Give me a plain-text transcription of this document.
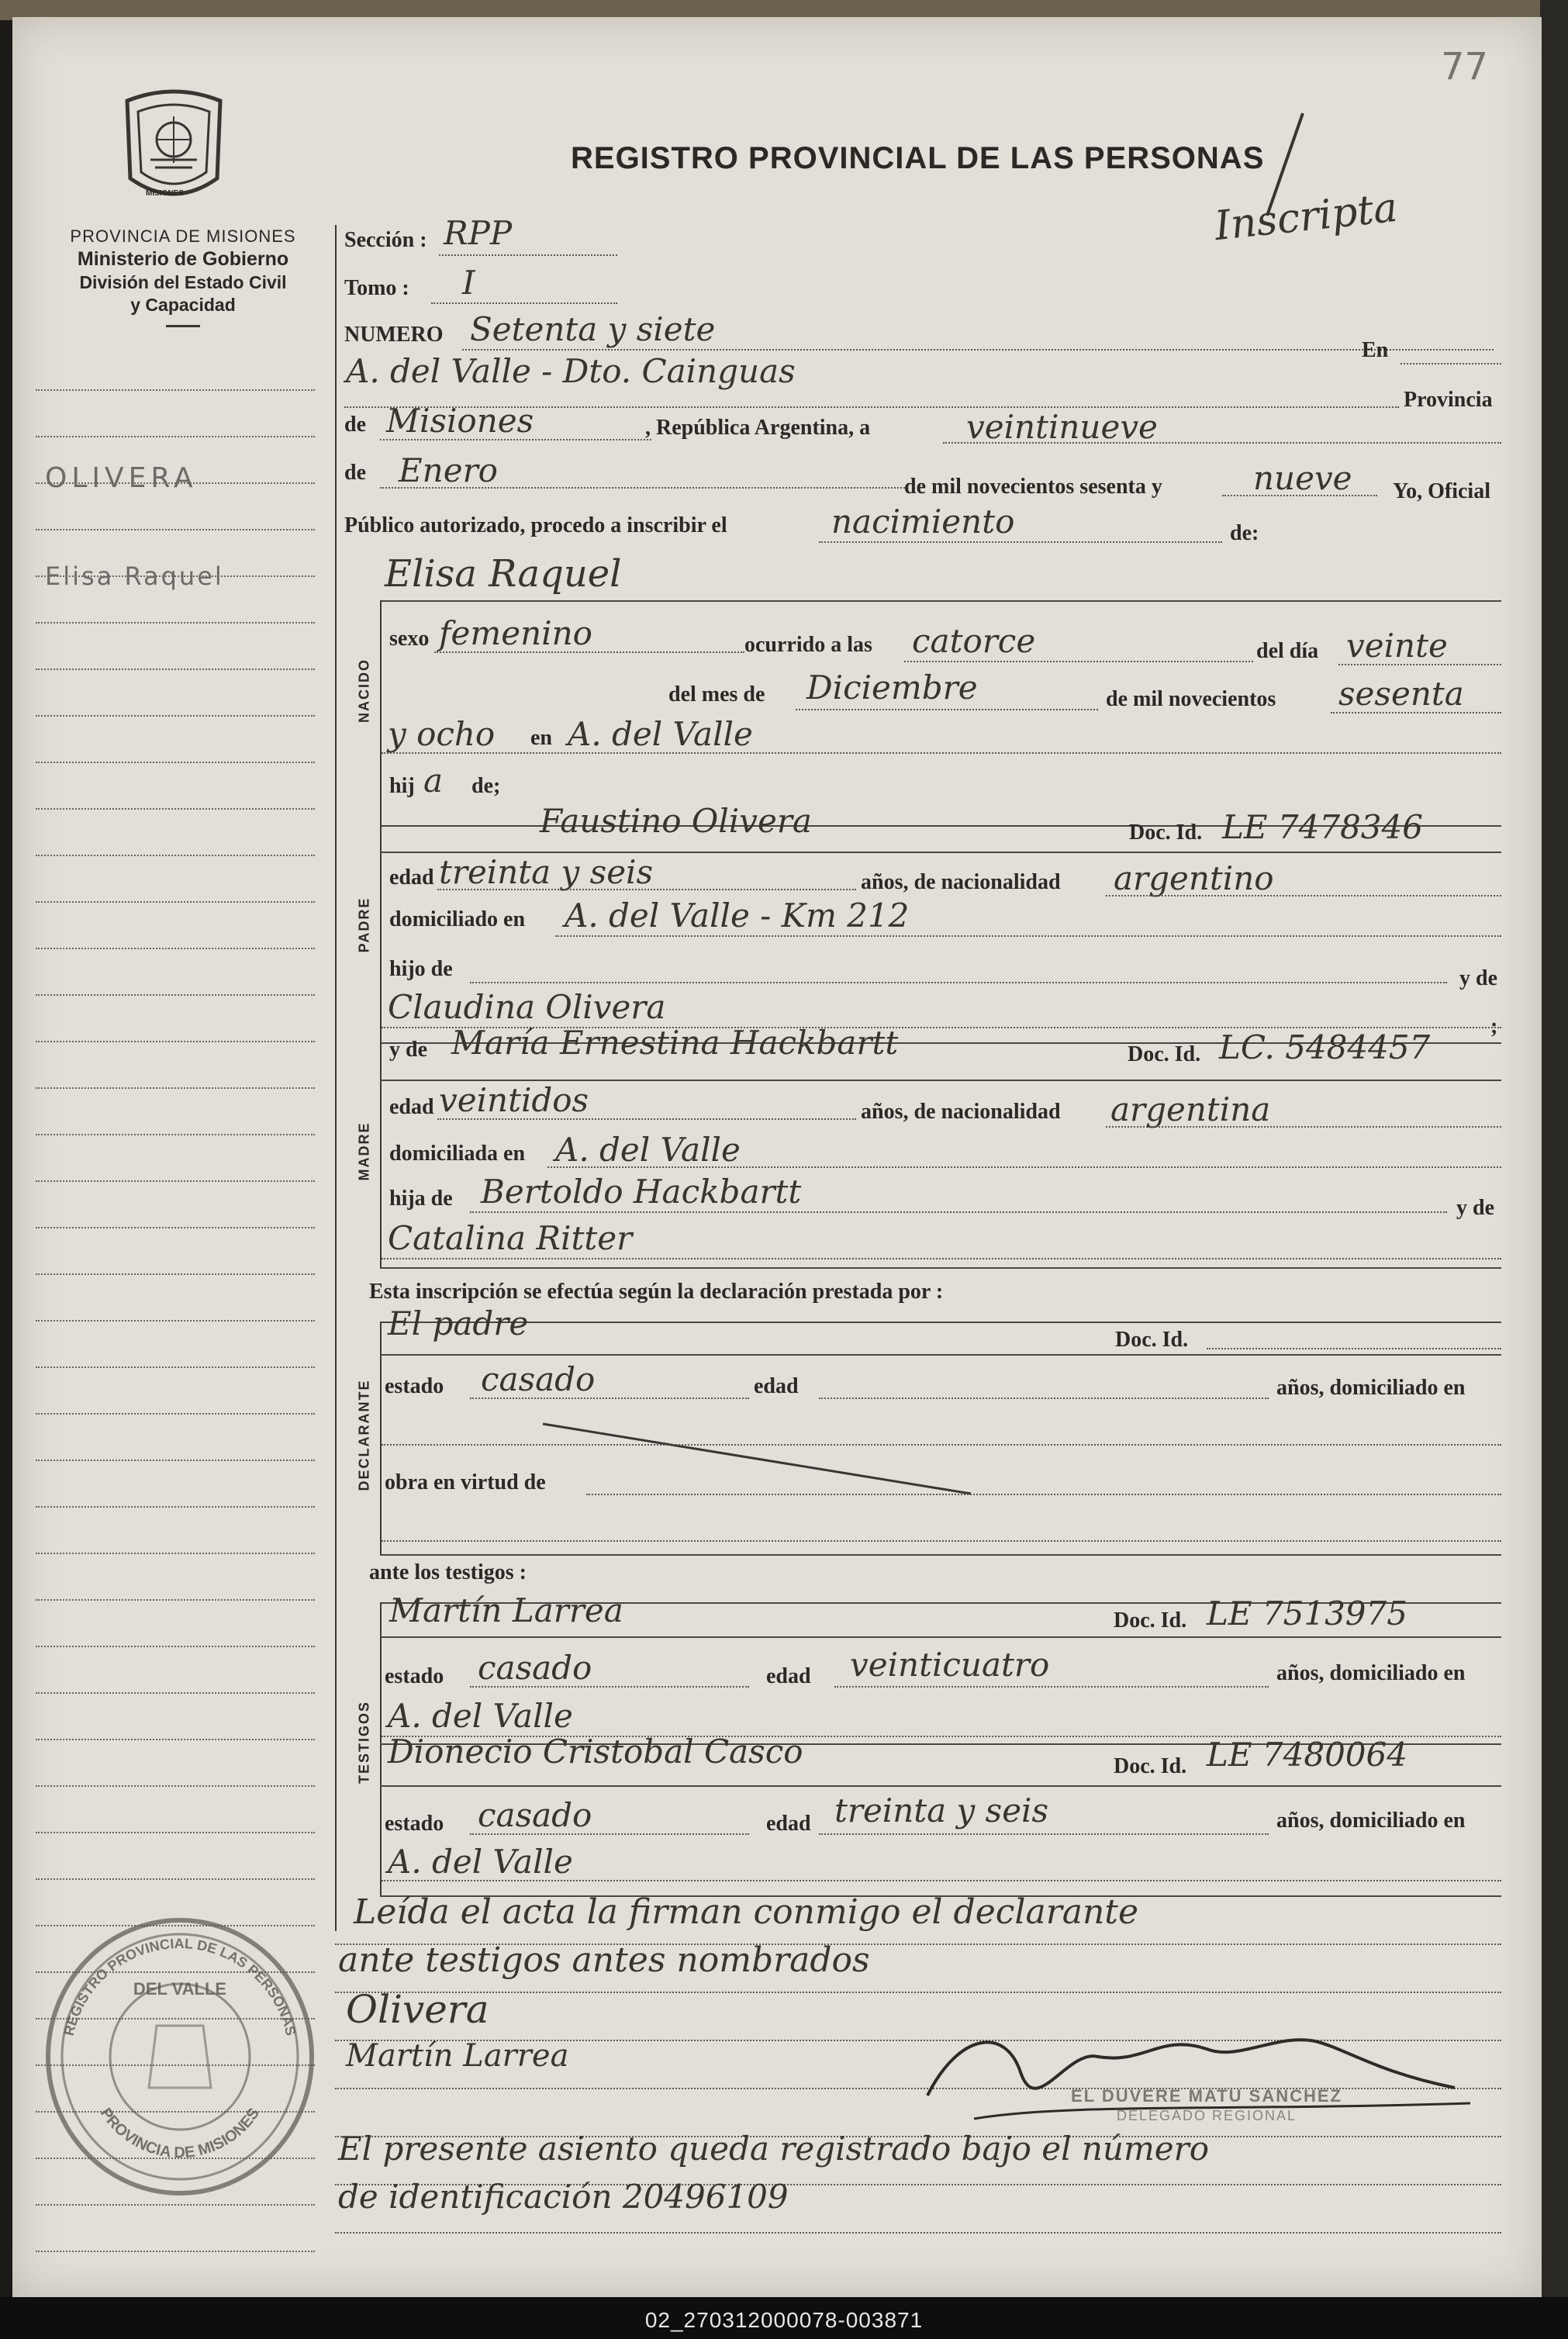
77
MISIONES
PROVINCIA DE MISIONES
Ministerio de Gobierno
División del Estado Civil
y Capacidad
REGISTRO PROVINCIAL DE LAS PERSONAS
Inscripta
OLIVERA
Elisa Raquel
Sección : RPP
Tomo : I
NUMERO Setenta y siete
A. del Valle - Dto. Cainguas
En
Provincia
de Misiones	, República Argentina, a	veintinueve
de Enero	de mil novecientos sesenta y	nueve Yo, Oficial
Público autorizado, procedo a inscribir el	nacimiento	de:
Elisa Raquel
NACIDO
sexo femenino	ocurrido a las catorce	del día veinte
del mes de Diciembre	de mil novecientos sesenta
y ocho en A. del Valle
hij a de;
PADRE
Faustino Olivera	Doc. Id. LE 7478346
edad treinta y seis	años, de nacionalidad argentino
domiciliado en A. del Valle - Km 212
hijo de	y de
Claudina Olivera
;
MADRE
y de María Ernestina Hackbartt	Doc. Id. LC. 5484457
edad veintidos	años, de nacionalidad argentina
domiciliada en A. del Valle
hija de Bertoldo Hackbartt	y de
Catalina Ritter
Esta inscripción se efectúa según la declaración prestada por :
DECLARANTE
El padre	Doc. Id.
estado casado	edad	años, domiciliado en
obra en virtud de
ante los testigos :
TESTIGOS
Martín Larrea	Doc. Id. LE 7513975
estado casado	edad veinticuatro	años, domiciliado en
A. del Valle
Dionecio Cristobal Casco	Doc. Id. LE 7480064
estado casado	edad treinta y seis	años, domiciliado en
A. del Valle
Leída el acta la firman conmigo el declarante
ante testigos antes nombrados
Olivera
Martín Larrea
EL DUVERE MATU SANCHEZ
DELEGADO REGIONAL
El presente asiento queda registrado bajo el número
de identificación 20496109
REGISTRO PROVINCIAL DE LAS PERSONAS
PROVINCIA DE MISIONES
DEL VALLE
02_270312000078-003871
